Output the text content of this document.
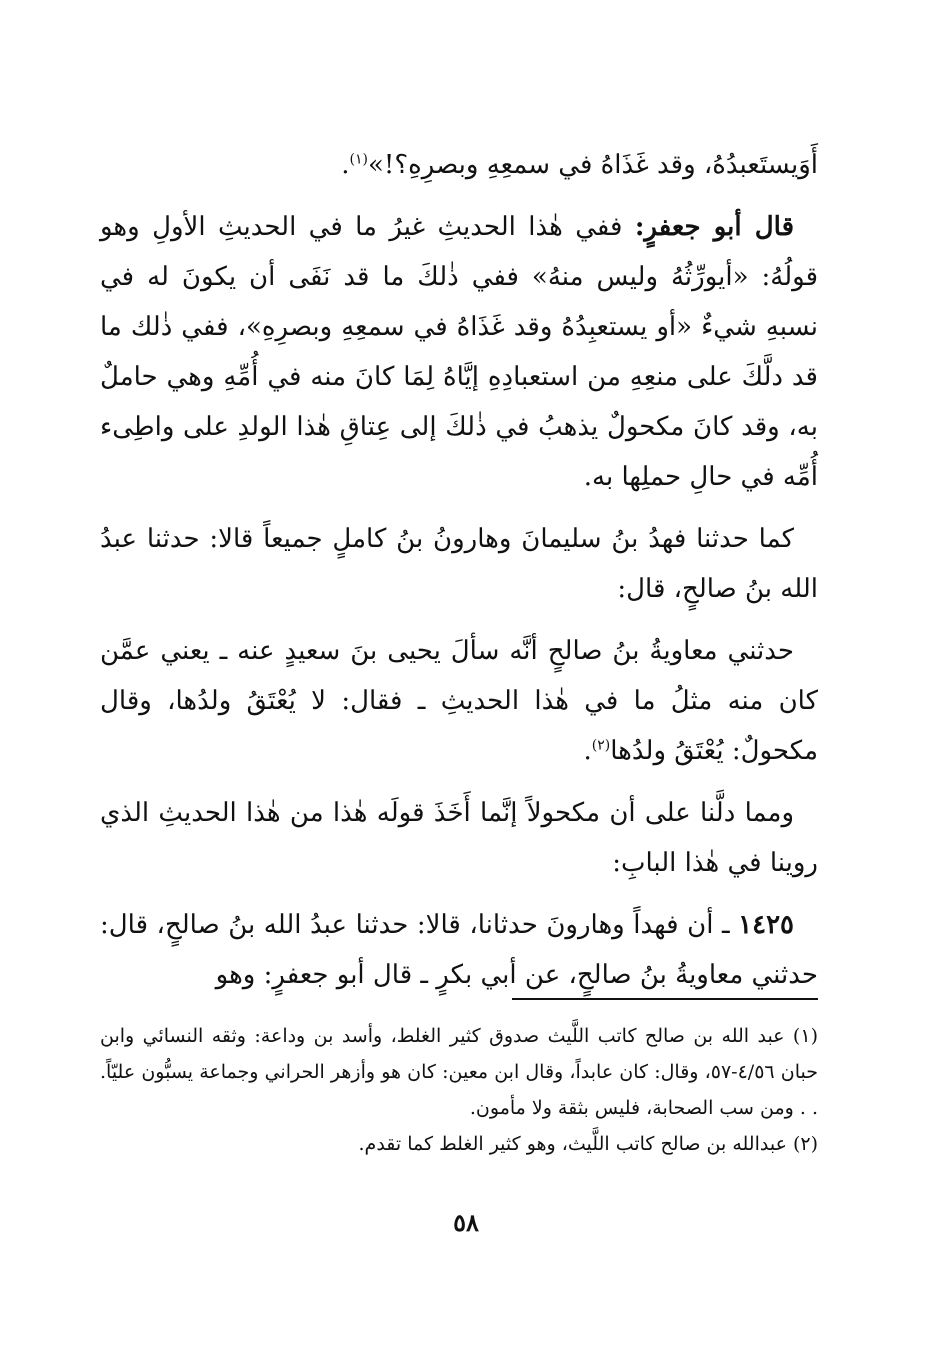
أَوَيستَعبدُهُ، وقد غَذَاهُ في سمعِهِ وبصرِهِ؟!»$^{(١)}$.

قال أبو جعفرٍ: ففي هٰذا الحديثِ غيرُ ما في الحديثِ الأولِ وهو قولُهُ: «أيورِّثُهُ وليس منهُ» ففي ذٰلكَ ما قد نَفَى أن يكونَ له في نسبهِ شيءٌ «أو يستعبِدُهُ وقد غَذَاهُ في سمعِهِ وبصرِهِ»، ففي ذٰلك ما قد دلَّكَ على منعِهِ من استعبادِهِ إيَّاهُ لِمَا كانَ منه في أُمِّهِ وهي حاملٌ به، وقد كانَ مكحولٌ يذهبُ في ذٰلكَ إلى عِتاقِ هٰذا الولدِ على واطِىء أُمِّه في حالِ حملِها به.

كما حدثنا فهدُ بنُ سليمانَ وهارونُ بنُ كاملٍ جميعاً قالا: حدثنا عبدُ الله بنُ صالحٍ، قال:

حدثني معاويةُ بنُ صالحٍ أنَّه سألَ يحيى بنَ سعيدٍ عنه ـ يعني عمَّن كان منه مثلُ ما في هٰذا الحديثِ ـ فقال: لا يُعْتَقُ ولدُها، وقال مكحولٌ: يُعْتَقُ ولدُها$^{(٢)}$.

ومما دلَّنا على أن مكحولاً إنَّما أَخَذَ قولَه هٰذا من هٰذا الحديثِ الذي روينا في هٰذا البابِ:

١٤٢٥ ـ أن فهداً وهارونَ حدثانا، قالا: حدثنا عبدُ الله بنُ صالحٍ، قال: حدثني معاويةُ بنُ صالحٍ، عن أبي بكرٍ ـ قال أبو جعفرٍ: وهو

(١) عبد الله بن صالح كاتب اللَّيث صدوق كثير الغلط، وأسد بن وداعة: وثقه النسائي وابن حبان ٤/٥٦-٥٧، وقال: كان عابداً، وقال ابن معين: كان هو وأزهر الحراني وجماعة يسبُّون عليّاً. . . ومن سب الصحابة، فليس بثقة ولا مأمون.

(٢) عبدالله بن صالح كاتب اللَّيث، وهو كثير الغلط كما تقدم.

٥٨
